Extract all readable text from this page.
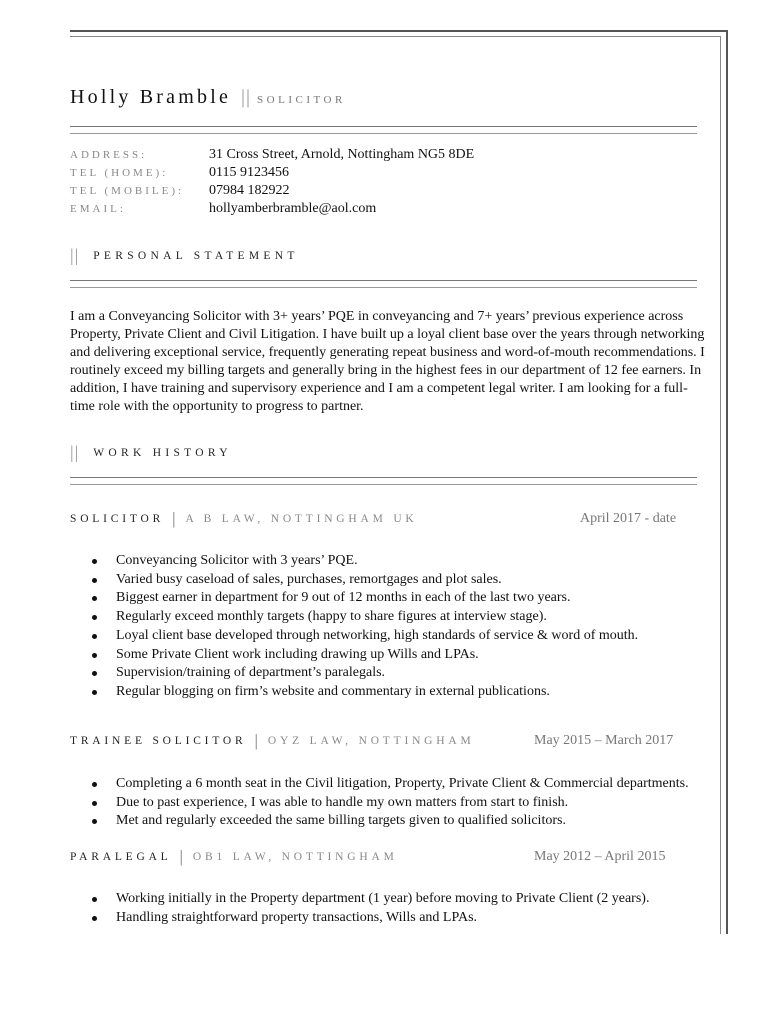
Holly Bramble || SOLICITOR
ADDRESS:	31 Cross Street, Arnold, Nottingham NG5 8DE
TEL (HOME):	0115 9123456
TEL (MOBILE):	07984 182922
EMAIL:	hollyamberbramble@aol.com
|| PERSONAL STATEMENT

I am a Conveyancing Solicitor with 3+ years’ PQE in conveyancing and 7+ years’ previous experience across Property, Private Client and Civil Litigation. I have built up a loyal client base over the years through networking and delivering exceptional service, frequently generating repeat business and word-of-mouth recommendations. I routinely exceed my billing targets and generally bring in the highest fees in our department of 12 fee earners. In addition, I have training and supervisory experience and I am a competent legal writer. I am looking for a full-time role with the opportunity to progress to partner.

|| WORK HISTORY
SOLICITOR | A B LAW, NOTTINGHAM UK	April 2017 - date
Conveyancing Solicitor with 3 years’ PQE.
Varied busy caseload of sales, purchases, remortgages and plot sales.
Biggest earner in department for 9 out of 12 months in each of the last two years.
Regularly exceed monthly targets (happy to share figures at interview stage).
Loyal client base developed through networking, high standards of service & word of mouth.
Some Private Client work including drawing up Wills and LPAs.
Supervision/training of department’s paralegals.
Regular blogging on firm’s website and commentary in external publications.
TRAINEE SOLICITOR | OYZ LAW, NOTTINGHAM	May 2015 – March 2017
Completing a 6 month seat in the Civil litigation, Property, Private Client & Commercial departments.
Due to past experience, I was able to handle my own matters from start to finish.
Met and regularly exceeded the same billing targets given to qualified solicitors.
PARALEGAL | OB1 LAW, NOTTINGHAM	May 2012 – April 2015
Working initially in the Property department (1 year) before moving to Private Client (2 years).
Handling straightforward property transactions, Wills and LPAs.
